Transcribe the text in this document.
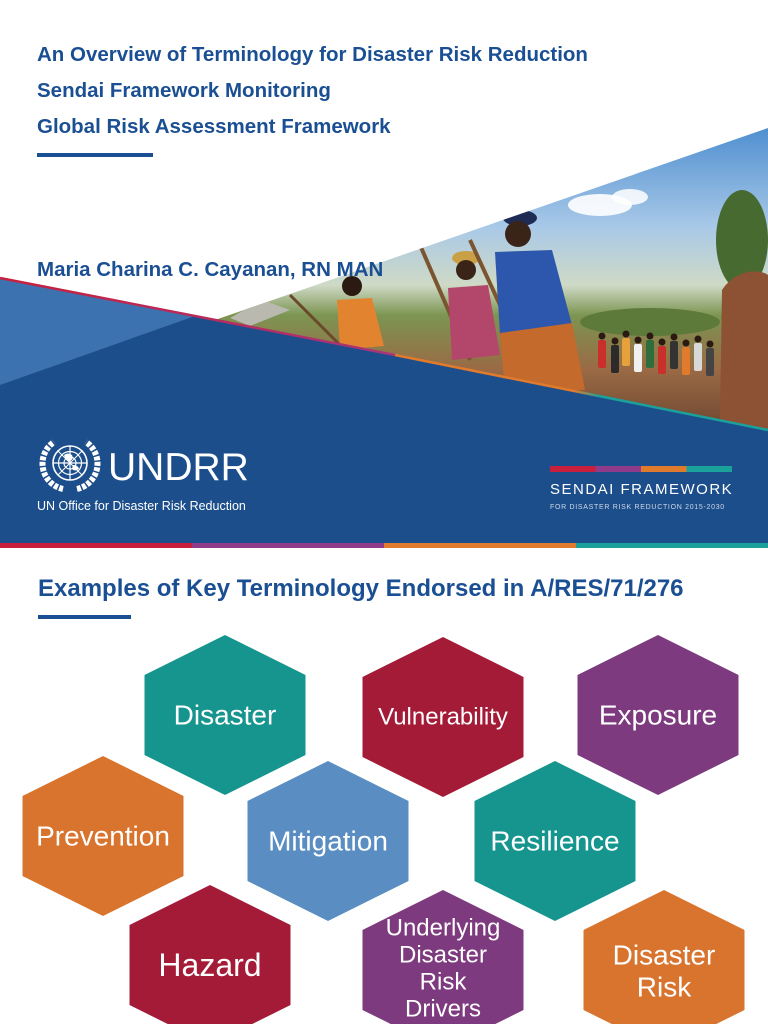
An Overview of Terminology for Disaster Risk Reduction
Sendai Framework Monitoring
Global Risk Assessment Framework
Maria Charina C. Cayanan, RN MAN
UNDRR
UN Office for Disaster Risk Reduction
SENDAI FRAMEWORK
FOR DISASTER RISK REDUCTION 2015-2030
Examples of Key Terminology Endorsed in A/RES/71/276
Disaster	Vulnerability	Exposure
Prevention	Mitigation	Resilience
Hazard
Underlying
Disaster
Risk
Drivers
Disaster
Risk
